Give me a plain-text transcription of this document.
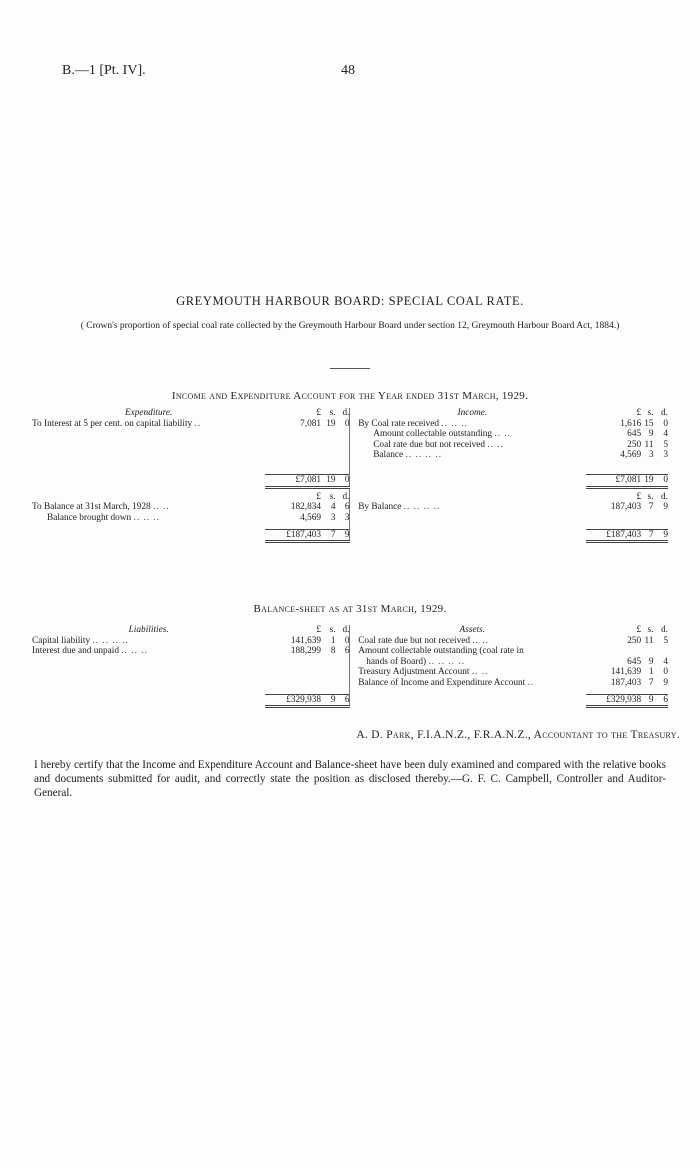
B.—1 [Pt. IV].	48
GREYMOUTH HARBOUR BOARD: SPECIAL COAL RATE.
( Crown's proportion of special coal rate collected by the Greymouth Harbour Board under section 12, Greymouth Harbour Board Act, 1884.)
Income and Expenditure Account for the Year ended 31st March, 1929.
Expenditure.	£	s.	d.		Income.	£	s.	d.
To Interest at 5 per cent. on capital liability ..	7,081	19	0		By Coal rate received .. .. ..	1,616	15	0
					Amount collectable outstanding .. ..	645	9	4
					Coal rate due but not received .. ..	250	11	5
					Balance .. .. .. ..	4,569	3	3

	£7,081	19	0			£7,081	19	0
	£	s.	d.			£	s.	d.
To Balance at 31st March, 1928 .. ..	182,834	4	6		By Balance .. .. .. ..	187,403	7	9
Balance brought down .. .. ..	4,569	3	3					

	£187,403	7	9			£187,403	7	9
Balance-sheet as at 31st March, 1929.
Liabilities.	£	s.	d.		Assets.	£	s.	d.
Capital liability .. .. .. ..	141,639	1	0		Coal rate due but not received .. ..	250	11	5
Interest due and unpaid .. .. ..	188,299	8	6		Amount collectable outstanding (coal rate in			
					hands of Board) .. .. .. ..	645	9	4
					Treasury Adjustment Account .. ..	141,639	1	0
					Balance of Income and Expenditure Account ..	187,403	7	9

	£329,938	9	6			£329,938	9	6
A. D. Park, F.I.A.N.Z., F.R.A.N.Z., Accountant to the Treasury.
I hereby certify that the Income and Expenditure Account and Balance-sheet have been duly examined and compared with the relative books and documents submitted for audit, and correctly state the position as disclosed thereby.—G. F. C. Campbell, Controller and Auditor-General.
